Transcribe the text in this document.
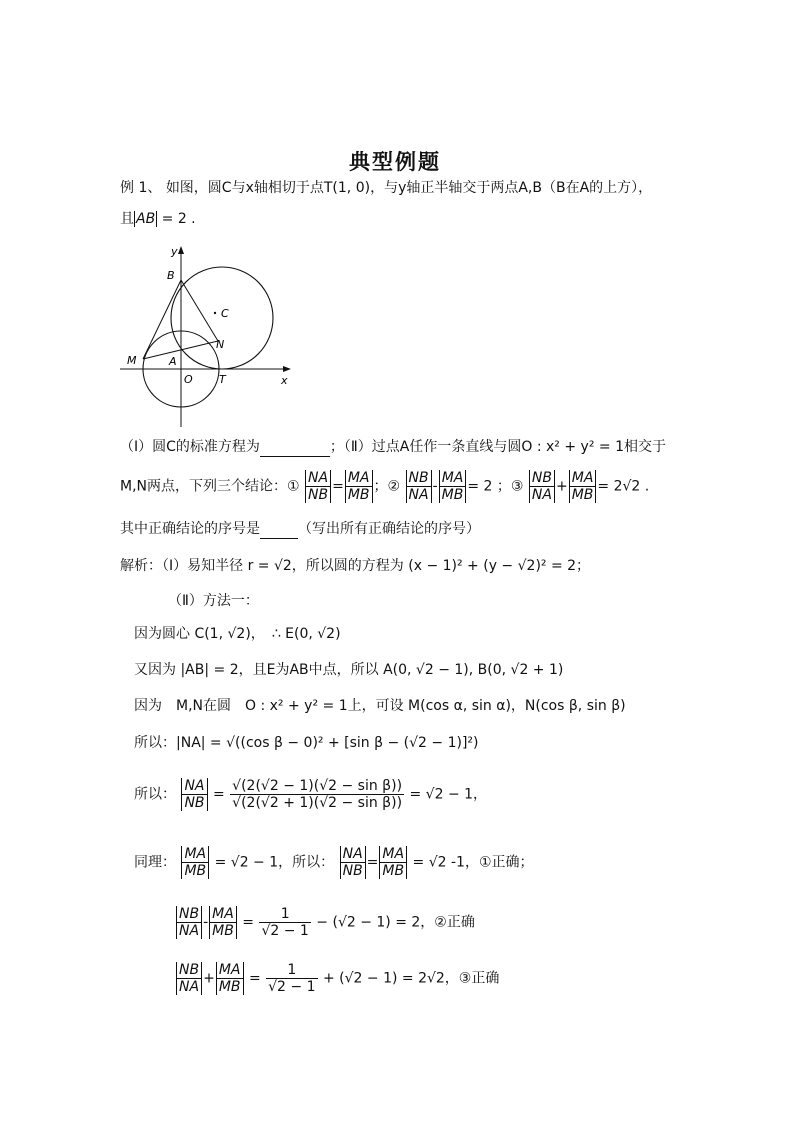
典型例题
例 1、 如图，圆C与x轴相切于点T(1, 0)，与y轴正半轴交于两点A,B（B在A的上方），
且 AB = 2 .
y
x
B
C
N
M	A
O T
（Ⅰ）圆C的标准方程为	；（Ⅱ）过点A任作一条直线与圆O : x² + y² = 1相交于
M,N两点，下列三个结论：① $\frac{NA}{NB} = \frac{MA}{MB}$ ；② $\frac{NB}{NA} - \frac{MA}{MB} = 2$ ；③ $\frac{NB}{NA} + \frac{MA}{MB} = 2√2$ .
其中正确结论的序号是	（写出所有正确结论的序号）
解析：（Ⅰ）易知半径 r = √2，所以圆的方程为 (x − 1)² + (y − √2)² = 2；
（Ⅱ）方法一：
因为圆心 C(1, √2)，　∴ E(0, √2)
又因为 |AB| = 2，且E为AB中点，所以 A(0, √2 − 1), B(0, √2 + 1)
因为　M,N在圆　O : x² + y² = 1上，可设 M(cos α, sin α)，N(cos β, sin β)
所以：|NA| = √((cos β − 0)² + [sin β − (√2 − 1)]²)
所以： $\frac{NA}{NB} = \frac{\text{√(2(√2 − 1)(√2 − sin β))}}{\text{√(2(√2 + 1)(√2 − sin β))}} = √2 - 1$，
同理： $\frac{MA}{MB} = √2 - 1$，所以： $\frac{NA}{NB} = \frac{MA}{MB} = √2$ -1，①正确；
$\frac{NB}{NA} - \frac{MA}{MB} = \frac{1}{√2 - 1} - (√2 - 1) = 2$，②正确
$\frac{NB}{NA} + \frac{MA}{MB} = \frac{1}{√2 - 1} + (√2 - 1) = 2√2$，③正确
